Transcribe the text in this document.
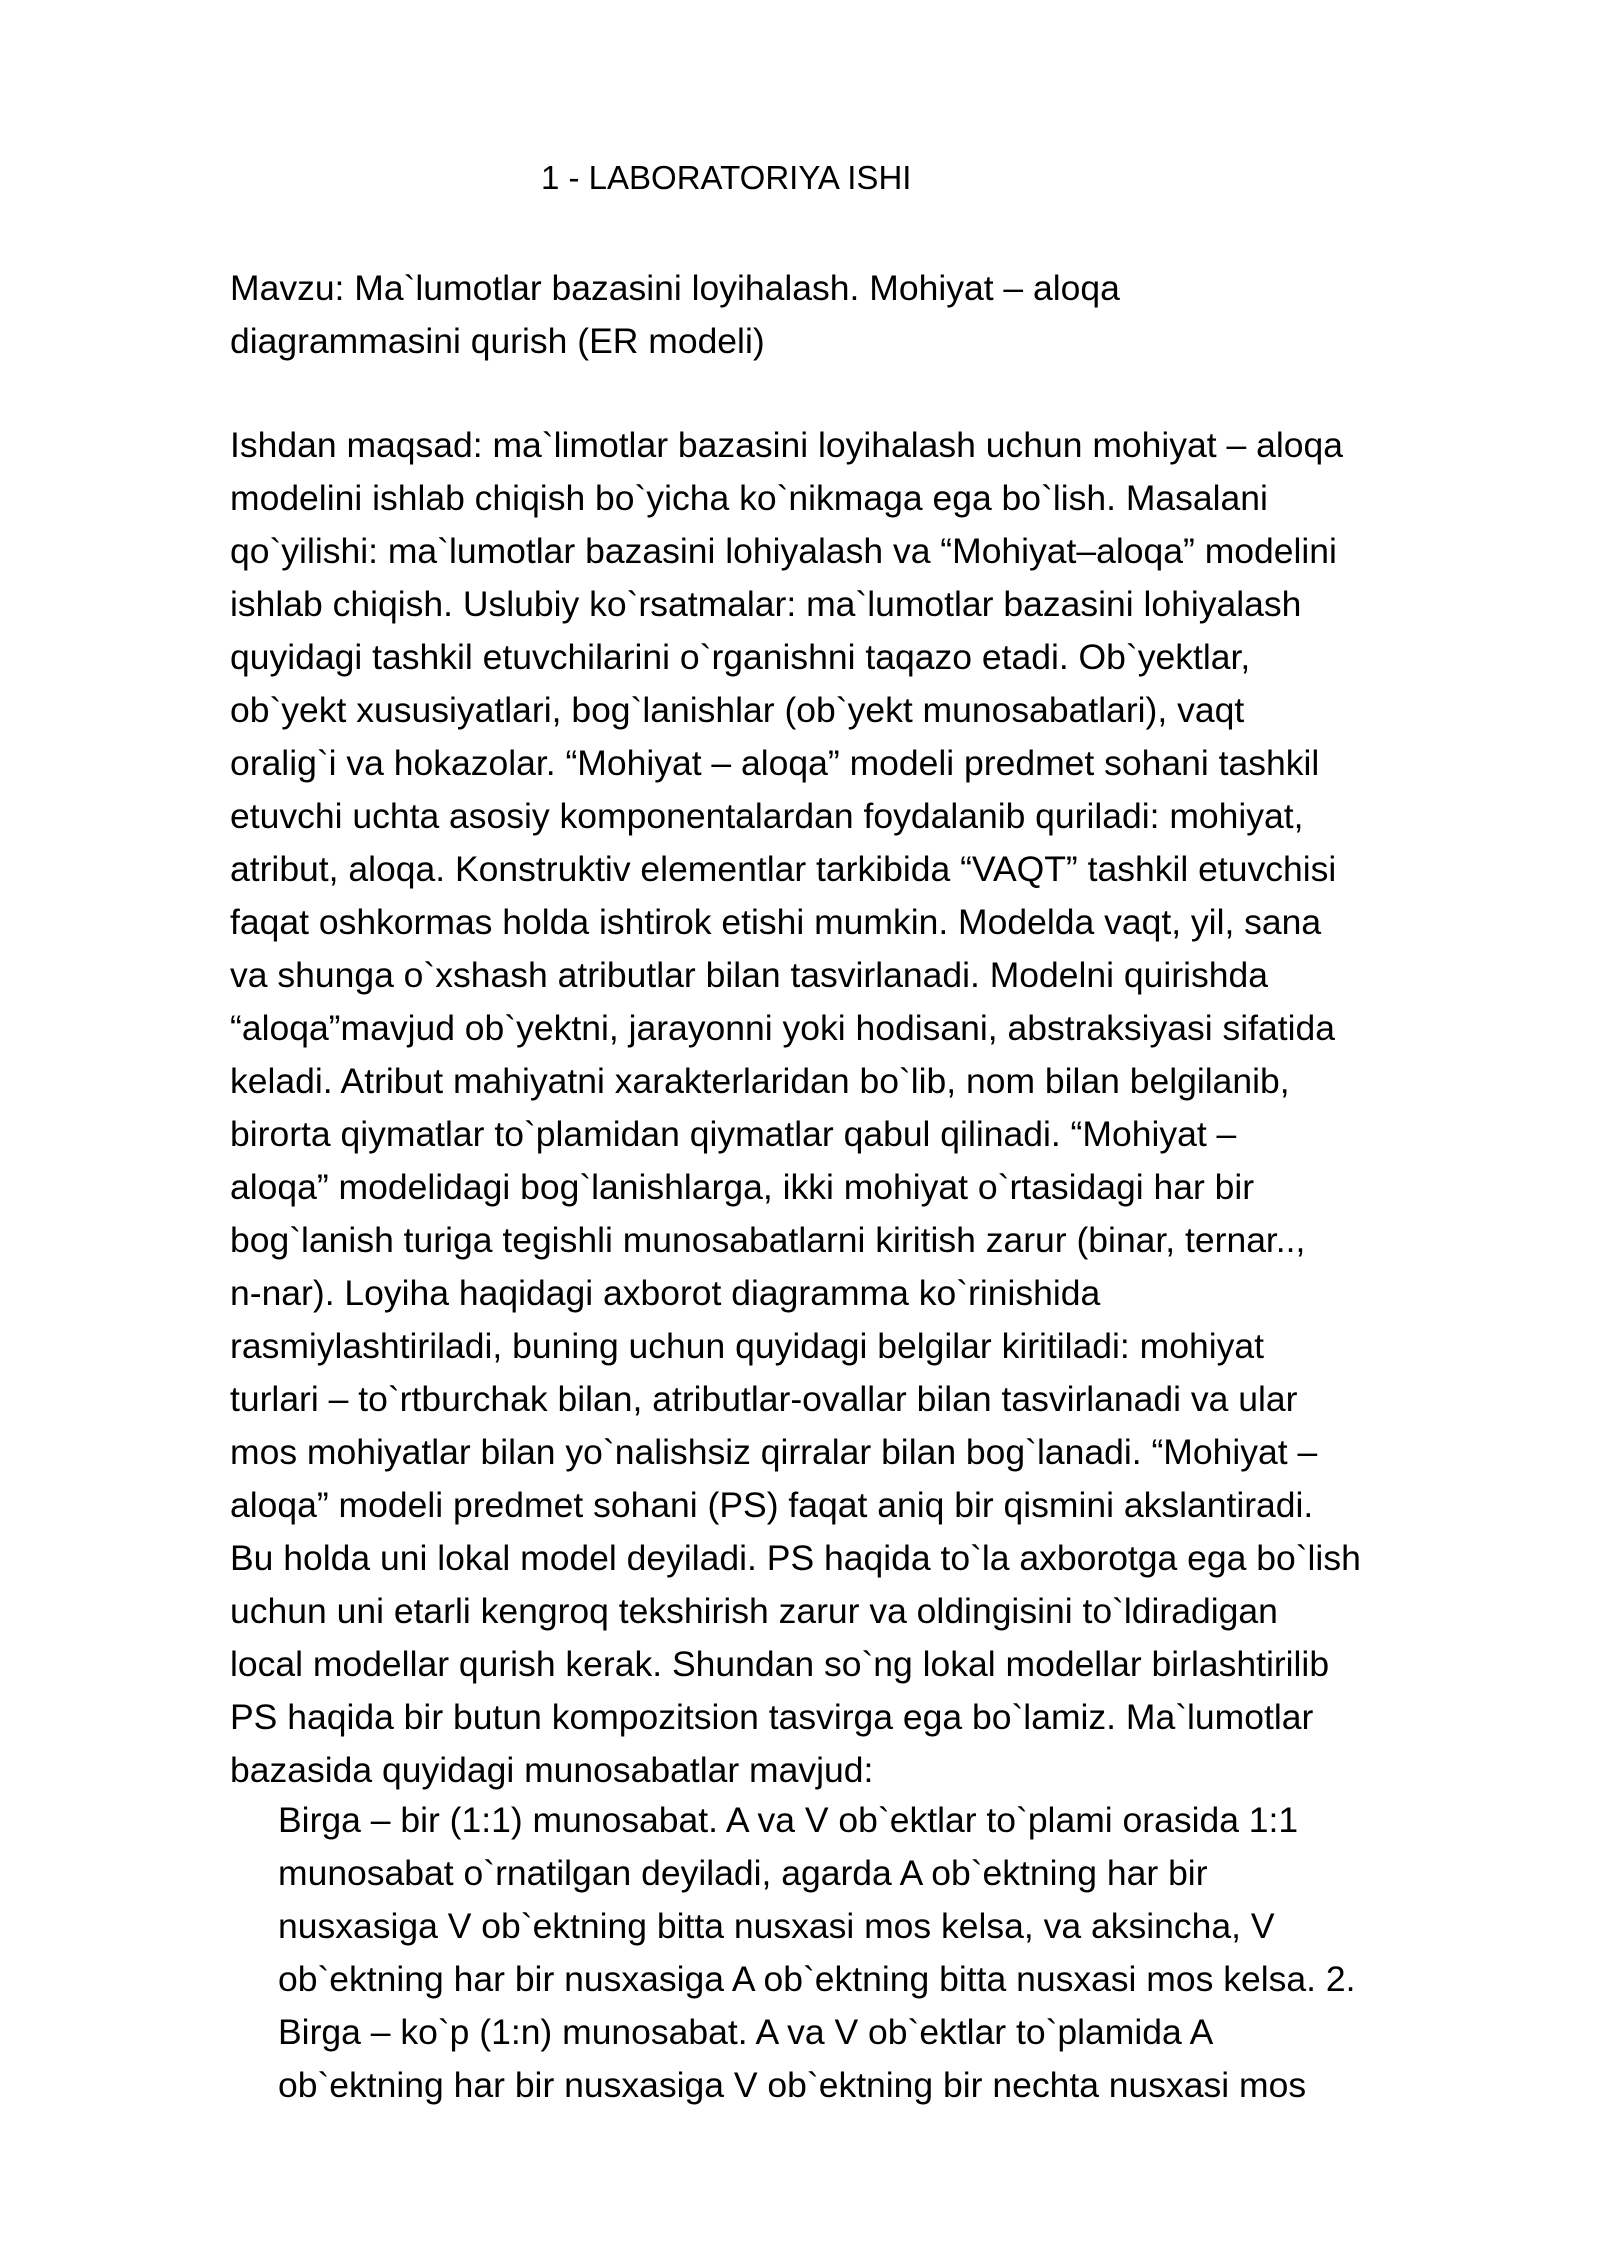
1 - LABORATORIYA ISHI

Mavzu: Ma`lumotlar bazasini loyihalash. Mohiyat – aloqa
diagrammasini qurish (ER modeli)

Ishdan maqsad: ma`limotlar bazasini loyihalash uchun mohiyat – aloqa
modelini ishlab chiqish bo`yicha ko`nikmaga ega bo`lish. Masalani
qo`yilishi: ma`lumotlar bazasini lohiyalash va “Mohiyat–aloqa” modelini
ishlab chiqish. Uslubiy ko`rsatmalar: ma`lumotlar bazasini lohiyalash
quyidagi tashkil etuvchilarini o`rganishni taqazo etadi. Ob`yektlar,
ob`yekt xususiyatlari, bog`lanishlar (ob`yekt munosabatlari), vaqt
oralig`i va hokazolar. “Mohiyat – aloqa” modeli predmet sohani tashkil
etuvchi uchta asosiy komponentalardan foydalanib quriladi: mohiyat,
atribut, aloqa. Konstruktiv elementlar tarkibida “VAQT” tashkil etuvchisi
faqat oshkormas holda ishtirok etishi mumkin. Modelda vaqt, yil, sana
va shunga o`xshash atributlar bilan tasvirlanadi. Modelni quirishda
“aloqa”mavjud ob`yektni, jarayonni yoki hodisani, abstraksiyasi sifatida
keladi. Atribut mahiyatni xarakterlaridan bo`lib, nom bilan belgilanib,
birorta qiymatlar to`plamidan qiymatlar qabul qilinadi. “Mohiyat –
aloqa” modelidagi bog`lanishlarga, ikki mohiyat o`rtasidagi har bir
bog`lanish turiga tegishli munosabatlarni kiritish zarur (binar, ternar..,
n-nar). Loyiha haqidagi axborot diagramma ko`rinishida
rasmiylashtiriladi, buning uchun quyidagi belgilar kiritiladi: mohiyat
turlari – to`rtburchak bilan, atributlar-ovallar bilan tasvirlanadi va ular
mos mohiyatlar bilan yo`nalishsiz qirralar bilan bog`lanadi. “Mohiyat –
aloqa” modeli predmet sohani (PS) faqat aniq bir qismini akslantiradi.
Bu holda uni lokal model deyiladi. PS haqida to`la axborotga ega bo`lish
uchun uni etarli kengroq tekshirish zarur va oldingisini to`ldiradigan
local modellar qurish kerak. Shundan so`ng lokal modellar birlashtirilib
PS haqida bir butun kompozitsion tasvirga ega bo`lamiz. Ma`lumotlar
bazasida quyidagi munosabatlar mavjud:

Birga – bir (1:1) munosabat. A va V ob`ektlar to`plami orasida 1:1
munosabat o`rnatilgan deyiladi, agarda A ob`ektning har bir
nusxasiga V ob`ektning bitta nusxasi mos kelsa, va aksincha, V
ob`ektning har bir nusxasiga A ob`ektning bitta nusxasi mos kelsa. 2.
Birga – ko`p (1:n) munosabat. A va V ob`ektlar to`plamida A
ob`ektning har bir nusxasiga V ob`ektning bir nechta nusxasi mos
